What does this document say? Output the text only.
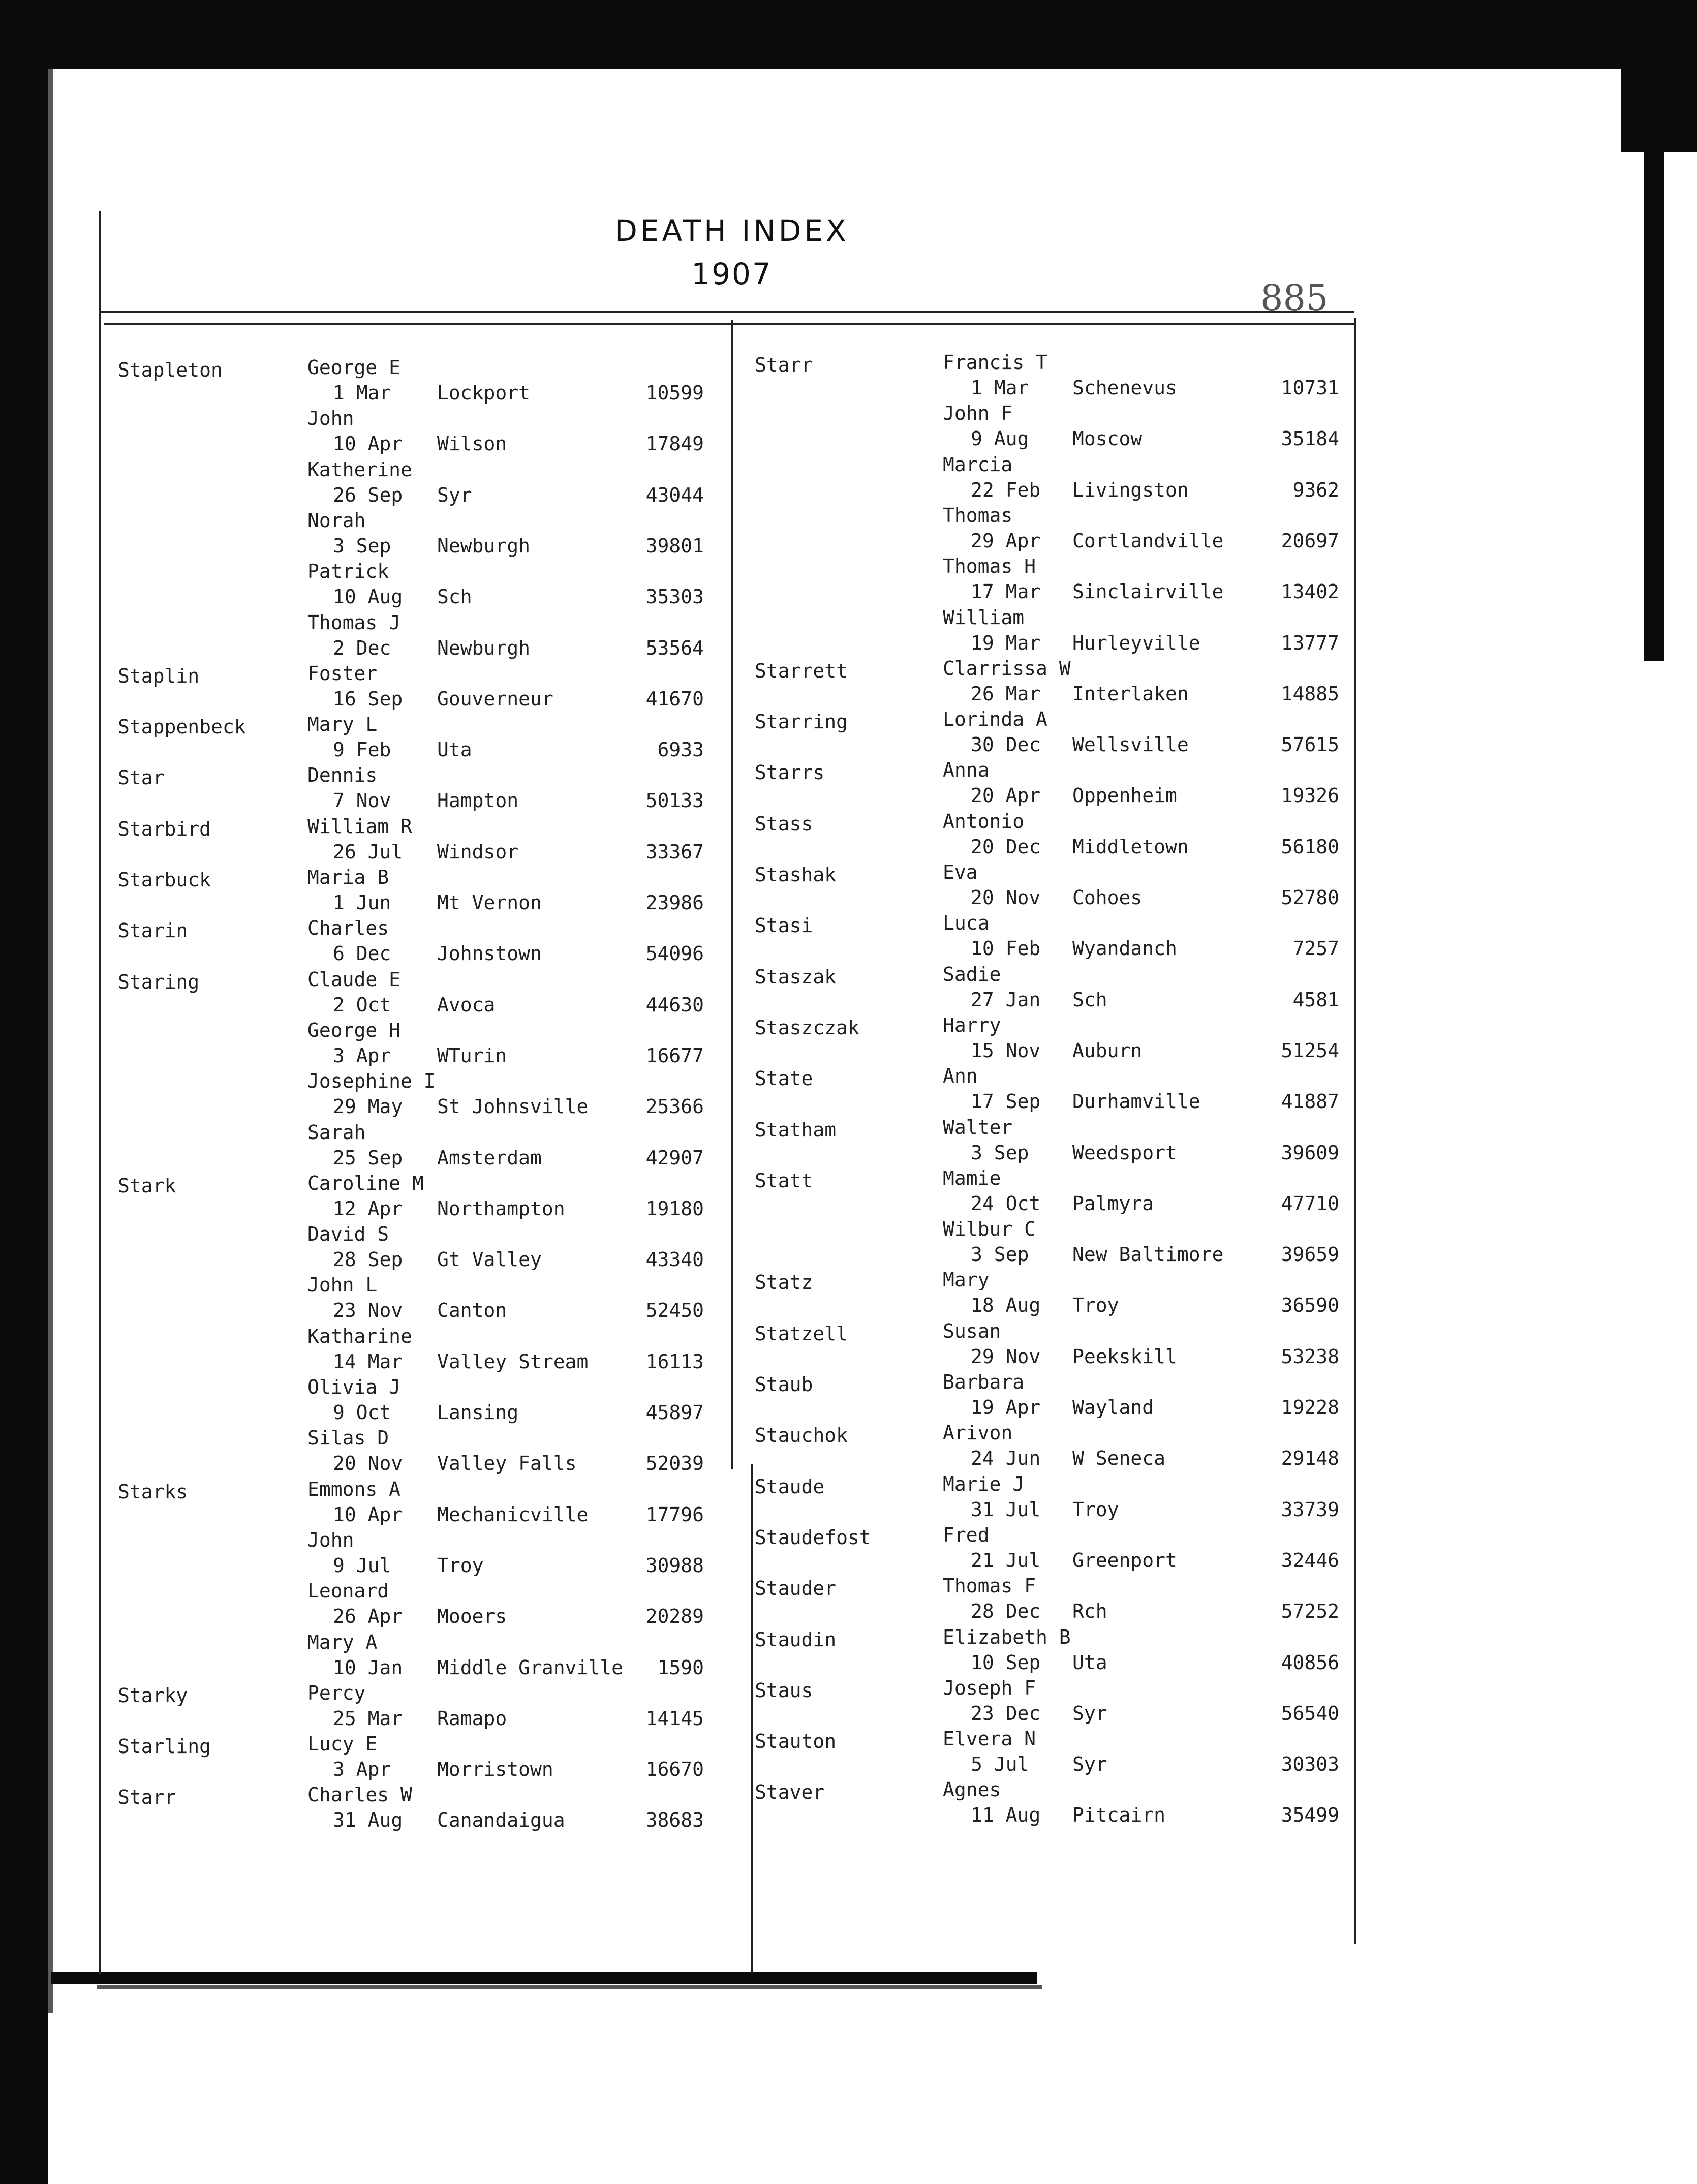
DEATH INDEX
1907
885
Stapleton	George E
1 Mar Lockport	10599
John
10 Apr Wilson	17849
Katherine
26 Sep Syr	43044
Norah
3 Sep Newburgh	39801
Patrick
10 Aug Sch	35303
Thomas J
2 Dec Newburgh	53564
Staplin	Foster
16 Sep Gouverneur	41670
Stappenbeck	Mary L
9 Feb Uta	6933
Star	Dennis
7 Nov Hampton	50133
Starbird	William R
26 Jul Windsor	33367
Starbuck	Maria B
1 Jun Mt Vernon	23986
Starin	Charles
6 Dec Johnstown	54096
Staring	Claude E
2 Oct Avoca	44630
George H
3 Apr WTurin	16677
Josephine I
29 May St Johnsville	25366
Sarah
25 Sep Amsterdam	42907
Stark	Caroline M
12 Apr Northampton	19180
David S
28 Sep Gt Valley	43340
John L
23 Nov Canton	52450
Katharine
14 Mar Valley Stream	16113
Olivia J
9 Oct Lansing	45897
Silas D
20 Nov Valley Falls	52039
Starks	Emmons A
10 Apr Mechanicville	17796
John
9 Jul Troy	30988
Leonard
26 Apr Mooers	20289
Mary A
10 Jan Middle Granville 1590
Starky	Percy
25 Mar Ramapo	14145
Starling	Lucy E
3 Apr Morristown	16670
Starr	Charles W
31 Aug Canandaigua	38683
Starr	Francis T
1 Mar Schenevus	10731
John F
9 Aug Moscow	35184
Marcia
22 Feb Livingston	9362
Thomas
29 Apr Cortlandville	20697
Thomas H
17 Mar Sinclairville	13402
William
19 Mar Hurleyville	13777
Starrett	Clarrissa W
26 Mar Interlaken	14885
Starring	Lorinda A
30 Dec Wellsville	57615
Starrs	Anna
20 Apr Oppenheim	19326
Stass	Antonio
20 Dec Middletown	56180
Stashak	Eva
20 Nov Cohoes	52780
Stasi	Luca
10 Feb Wyandanch	7257
Staszak	Sadie
27 Jan Sch	4581
Staszczak	Harry
15 Nov Auburn	51254
State	Ann
17 Sep Durhamville	41887
Statham	Walter
3 Sep Weedsport	39609
Statt	Mamie
24 Oct Palmyra	47710
Wilbur C
3 Sep New Baltimore	39659
Statz	Mary
18 Aug Troy	36590
Statzell	Susan
29 Nov Peekskill	53238
Staub	Barbara
19 Apr Wayland	19228
Stauchok	Arivon
24 Jun W Seneca	29148
Staude	Marie J
31 Jul Troy	33739
Staudefost	Fred
21 Jul Greenport	32446
Stauder	Thomas F
28 Dec Rch	57252
Staudin	Elizabeth B
10 Sep Uta	40856
Staus	Joseph F
23 Dec Syr	56540
Stauton	Elvera N
5 Jul Syr	30303
Staver	Agnes
11 Aug Pitcairn	35499
